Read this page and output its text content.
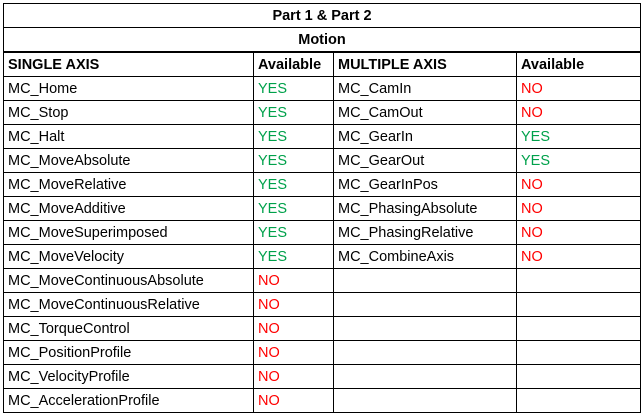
Part 1 & Part 2			
Motion			
SINGLE AXIS	Available	MULTIPLE AXIS	Available
MC_Home	YES	MC_CamIn	NO
MC_Stop	YES	MC_CamOut	NO
MC_Halt	YES	MC_GearIn	YES
MC_MoveAbsolute	YES	MC_GearOut	YES
MC_MoveRelative	YES	MC_GearInPos	NO
MC_MoveAdditive	YES	MC_PhasingAbsolute	NO
MC_MoveSuperimposed	YES	MC_PhasingRelative	NO
MC_MoveVelocity	YES	MC_CombineAxis	NO
MC_MoveContinuousAbsolute	NO		
MC_MoveContinuousRelative	NO		
MC_TorqueControl	NO		
MC_PositionProfile	NO		
MC_VelocityProfile	NO		
MC_AccelerationProfile	NO		
